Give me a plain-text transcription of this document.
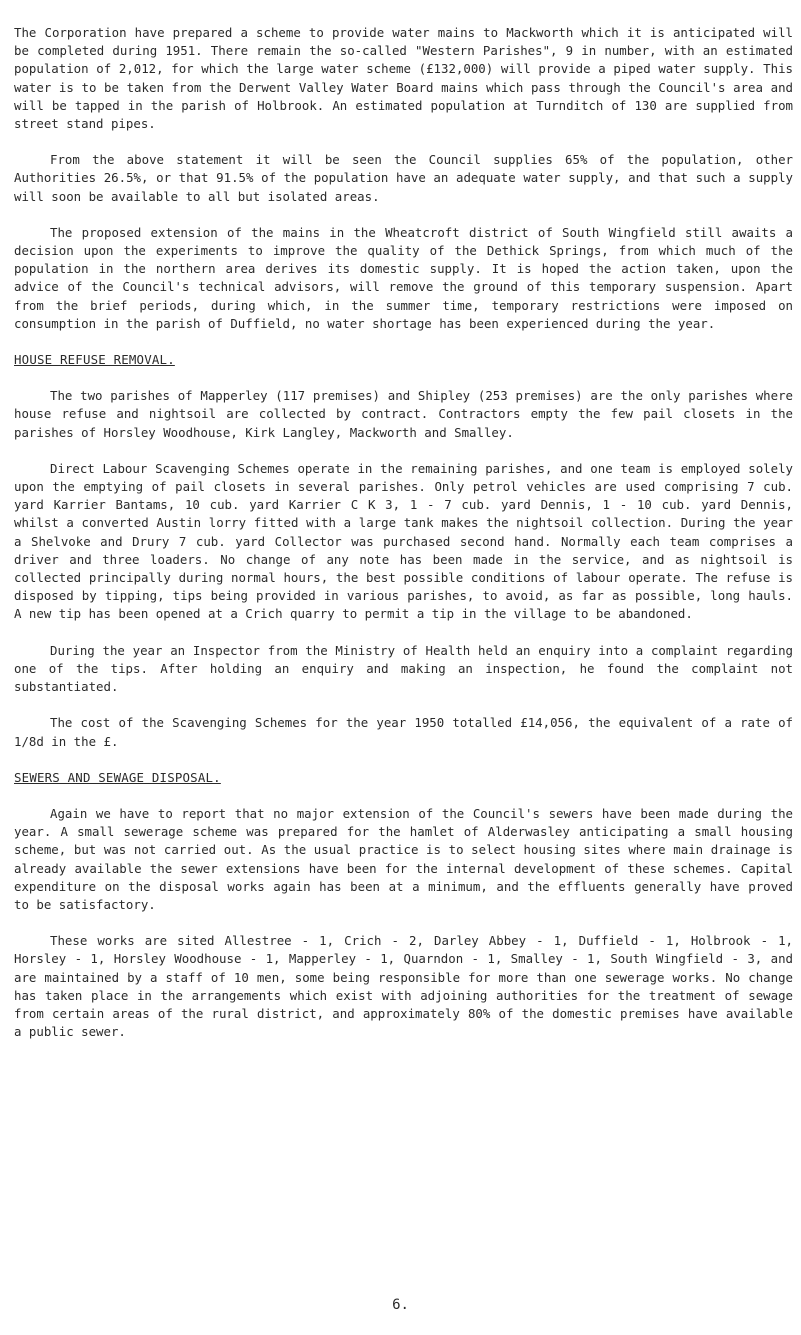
The Corporation have prepared a scheme to provide water mains to Mackworth which it is anticipated will be completed during 1951. There remain the so-called "Western Parishes", 9 in number, with an estimated population of 2,012, for which the large water scheme (£132,000) will provide a piped water supply. This water is to be taken from the Derwent Valley Water Board mains which pass through the Council's area and will be tapped in the parish of Holbrook. An estimated population at Turnditch of 130 are supplied from street stand pipes.

From the above statement it will be seen the Council supplies 65% of the population, other Authorities 26.5%, or that 91.5% of the population have an adequate water supply, and that such a supply will soon be available to all but isolated areas.

The proposed extension of the mains in the Wheatcroft district of South Wingfield still awaits a decision upon the experiments to improve the quality of the Dethick Springs, from which much of the population in the northern area derives its domestic supply. It is hoped the action taken, upon the advice of the Council's technical advisors, will remove the ground of this temporary suspension. Apart from the brief periods, during which, in the summer time, temporary restrictions were imposed on consumption in the parish of Duffield, no water shortage has been experienced during the year.

HOUSE REFUSE REMOVAL.

The two parishes of Mapperley (117 premises) and Shipley (253 premises) are the only parishes where house refuse and nightsoil are collected by contract. Contractors empty the few pail closets in the parishes of Horsley Woodhouse, Kirk Langley, Mackworth and Smalley.

Direct Labour Scavenging Schemes operate in the remaining parishes, and one team is employed solely upon the emptying of pail closets in several parishes. Only petrol vehicles are used comprising 7 cub. yard Karrier Bantams, 10 cub. yard Karrier C K 3, 1 - 7 cub. yard Dennis, 1 - 10 cub. yard Dennis, whilst a converted Austin lorry fitted with a large tank makes the nightsoil collection. During the year a Shelvoke and Drury 7 cub. yard Collector was purchased second hand. Normally each team comprises a driver and three loaders. No change of any note has been made in the service, and as nightsoil is collected principally during normal hours, the best possible conditions of labour operate. The refuse is disposed by tipping, tips being provided in various parishes, to avoid, as far as possible, long hauls. A new tip has been opened at a Crich quarry to permit a tip in the village to be abandoned.

During the year an Inspector from the Ministry of Health held an enquiry into a complaint regarding one of the tips. After holding an enquiry and making an inspection, he found the complaint not substantiated.

The cost of the Scavenging Schemes for the year 1950 totalled £14,056, the equivalent of a rate of 1/8d in the £.

SEWERS AND SEWAGE DISPOSAL.

Again we have to report that no major extension of the Council's sewers have been made during the year. A small sewerage scheme was prepared for the hamlet of Alderwasley anticipating a small housing scheme, but was not carried out. As the usual practice is to select housing sites where main drainage is already available the sewer extensions have been for the internal development of these schemes. Capital expenditure on the disposal works again has been at a minimum, and the effluents generally have proved to be satisfactory.

These works are sited Allestree - 1, Crich - 2, Darley Abbey - 1, Duffield - 1, Holbrook - 1, Horsley - 1, Horsley Woodhouse - 1, Mapperley - 1, Quarndon - 1, Smalley - 1, South Wingfield - 3, and are maintained by a staff of 10 men, some being responsible for more than one sewerage works. No change has taken place in the arrangements which exist with adjoining authorities for the treatment of sewage from certain areas of the rural district, and approximately 80% of the domestic premises have available a public sewer.

6.
